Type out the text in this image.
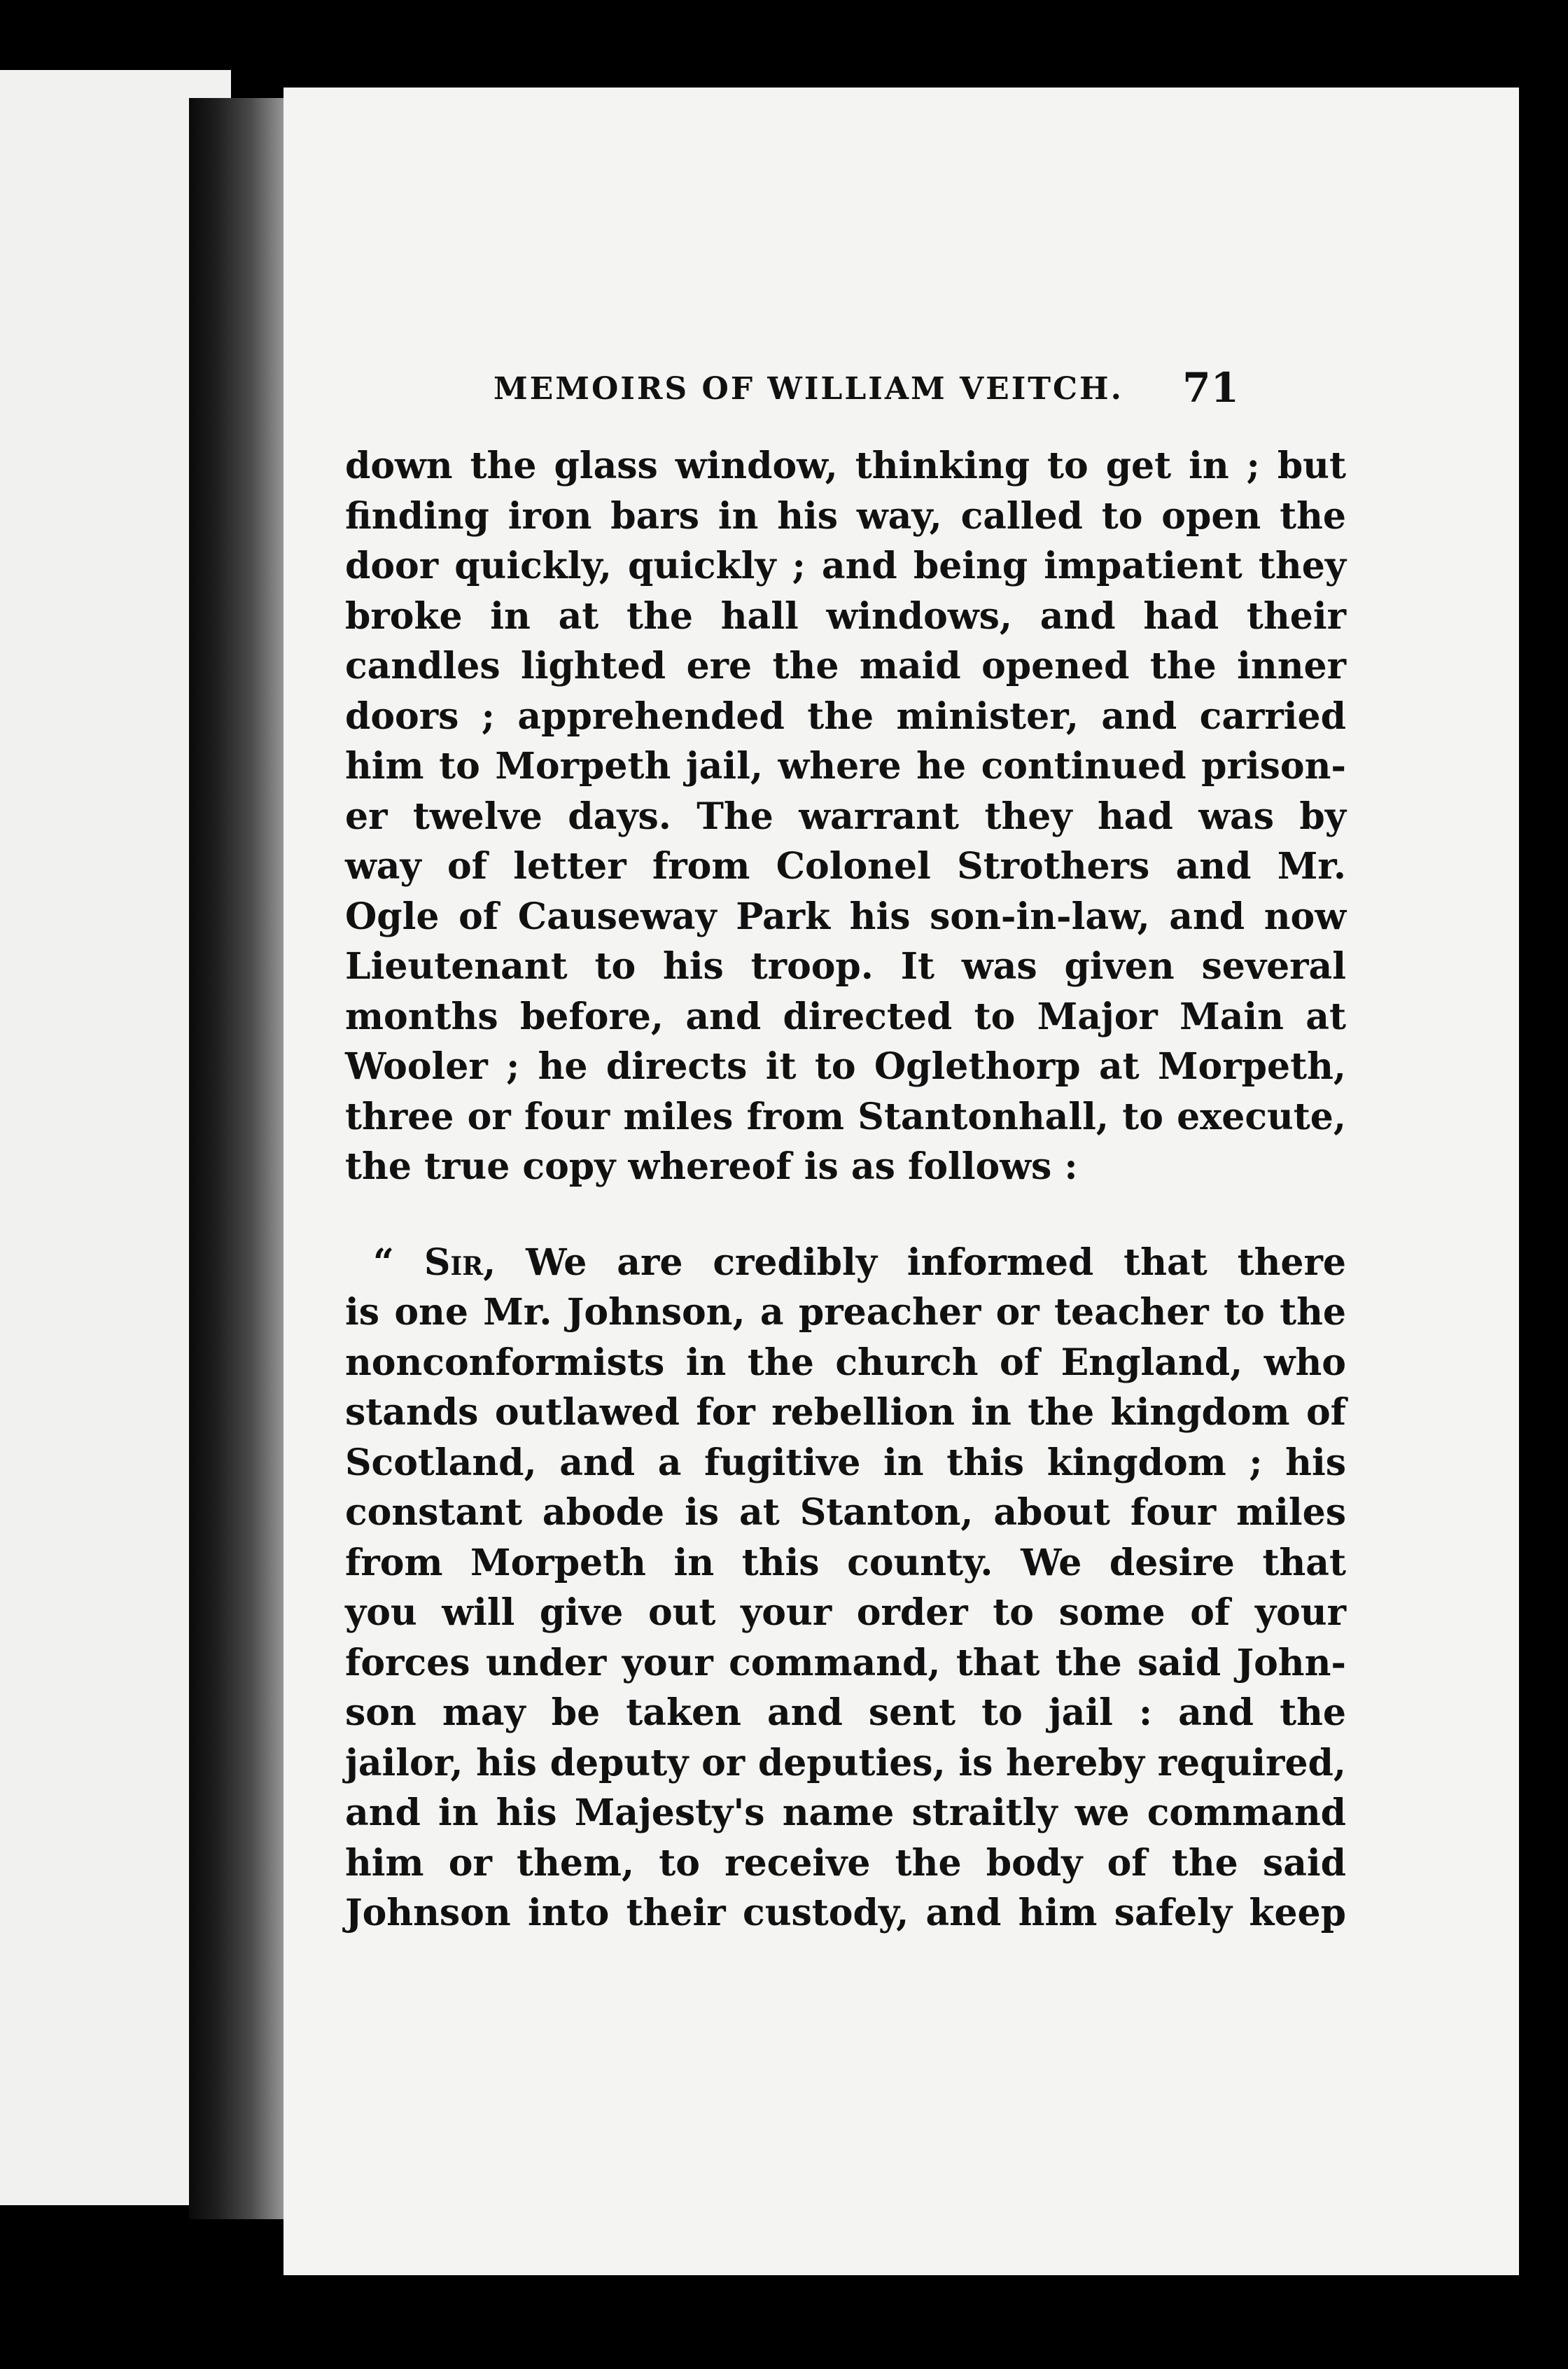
MEMOIRS OF WILLIAM VEITCH. 71
down the glass window, thinking to get in ; but
finding iron bars in his way, called to open the
door quickly, quickly ; and being impatient they
broke in at the hall windows, and had their
candles lighted ere the maid opened the inner
doors ; apprehended the minister, and carried
him to Morpeth jail, where he continued prison-
er twelve days. The warrant they had was by
way of letter from Colonel Strothers and Mr.
Ogle of Causeway Park his son-in-law, and now
Lieutenant to his troop. It was given several
months before, and directed to Major Main at
Wooler ; he directs it to Oglethorp at Morpeth,
three or four miles from Stantonhall, to execute,
the true copy whereof is as follows :
“ Sir, We are credibly informed that there
is one Mr. Johnson, a preacher or teacher to the
nonconformists in the church of England, who
stands outlawed for rebellion in the kingdom of
Scotland, and a fugitive in this kingdom ; his
constant abode is at Stanton, about four miles
from Morpeth in this county. We desire that
you will give out your order to some of your
forces under your command, that the said John-
son may be taken and sent to jail : and the
jailor, his deputy or deputies, is hereby required,
and in his Majesty's name straitly we command
him or them, to receive the body of the said
Johnson into their custody, and him safely keep
